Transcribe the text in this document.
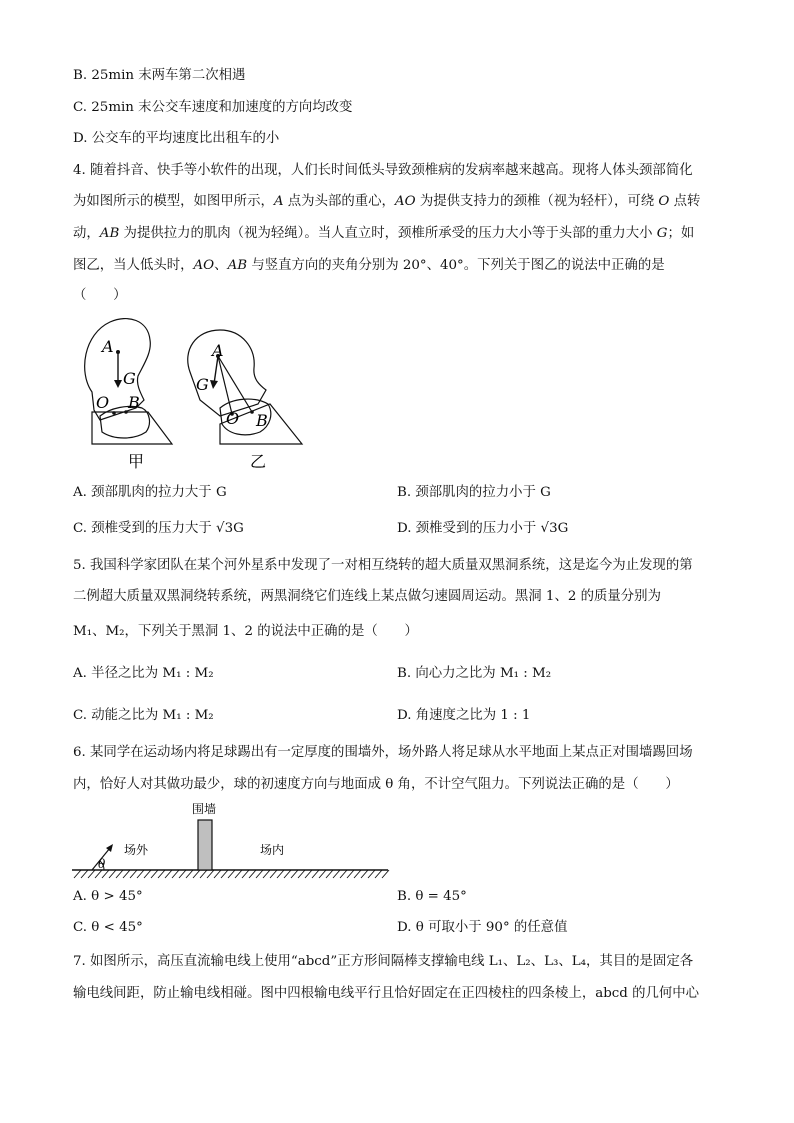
B. 25min 末两车第二次相遇
C. 25min 末公交车速度和加速度的方向均改变
D. 公交车的平均速度比出租车的小
4. 随着抖音、快手等小软件的出现，人们长时间低头导致颈椎病的发病率越来越高。现将人体头颈部简化
为如图所示的模型，如图甲所示，A 点为头部的重心，AO 为提供支持力的颈椎（视为轻杆），可绕 O 点转
动，AB 为提供拉力的肌肉（视为轻绳）。当人直立时，颈椎所承受的压力大小等于头部的重力大小 G；如
图乙，当人低头时，AO、AB 与竖直方向的夹角分别为 20°、40°。下列关于图乙的说法中正确的是
（　　）
A
G
O B
A
G
O B
甲	乙
A. 颈部肌肉的拉力大于 G	B. 颈部肌肉的拉力小于 G
C. 颈椎受到的压力大于 √3G	D. 颈椎受到的压力小于 √3G
5. 我国科学家团队在某个河外星系中发现了一对相互绕转的超大质量双黑洞系统，这是迄今为止发现的第
二例超大质量双黑洞绕转系统，两黑洞绕它们连线上某点做匀速圆周运动。黑洞 1、2 的质量分别为
M₁、M₂，下列关于黑洞 1、2 的说法中正确的是（　　）
A. 半径之比为 M₁ : M₂	B. 向心力之比为 M₁ : M₂
C. 动能之比为 M₁ : M₂	D. 角速度之比为 1 : 1
6. 某同学在运动场内将足球踢出有一定厚度的围墙外，场外路人将足球从水平地面上某点正对围墙踢回场
内，恰好人对其做功最少，球的初速度方向与地面成 θ 角，不计空气阻力。下列说法正确的是（　　）
围墙
场外	场内
θ
A. θ > 45°	B. θ = 45°
C. θ < 45°	D. θ 可取小于 90° 的任意值
7. 如图所示，高压直流输电线上使用“abcd”正方形间隔棒支撑输电线 L₁、L₂、L₃、L₄，其目的是固定各
输电线间距，防止输电线相碰。图中四根输电线平行且恰好固定在正四棱柱的四条棱上，abcd 的几何中心
